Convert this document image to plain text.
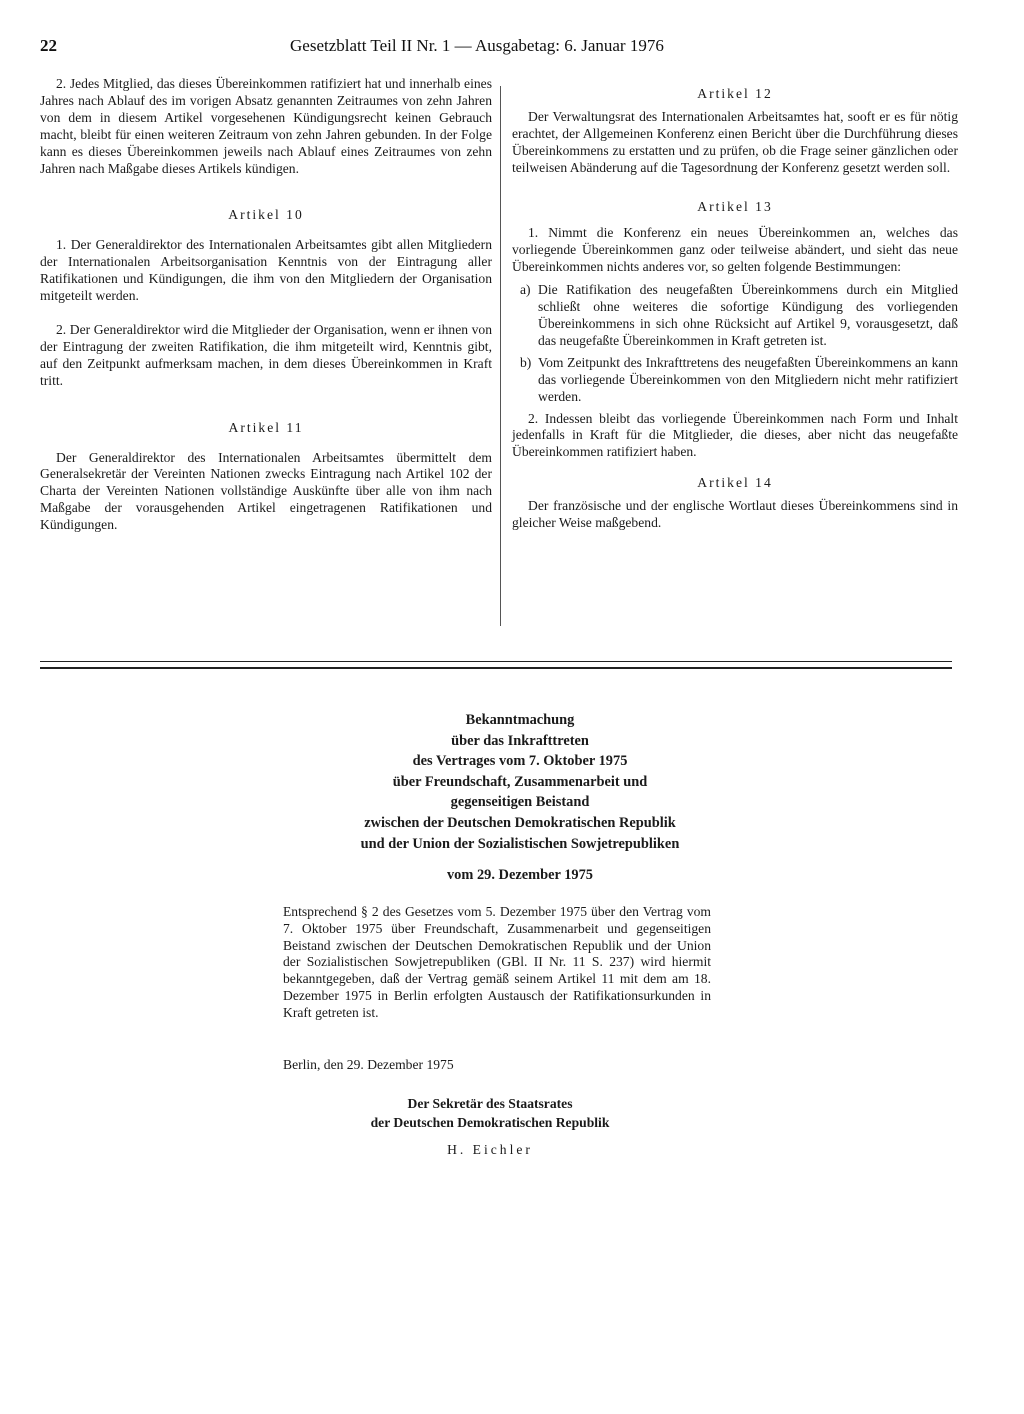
22	Gesetzblatt Teil II Nr. 1 — Ausgabetag: 6. Januar 1976

2. Jedes Mitglied, das dieses Übereinkommen ratifiziert hat und innerhalb eines Jahres nach Ablauf des im vorigen Absatz genannten Zeitraumes von zehn Jahren von dem in diesem Artikel vorgesehenen Kündigungsrecht keinen Gebrauch macht, bleibt für einen weiteren Zeitraum von zehn Jahren gebunden. In der Folge kann es dieses Übereinkommen jeweils nach Ablauf eines Zeitraumes von zehn Jahren nach Maßgabe dieses Artikels kündigen.

Artikel 10

1. Der Generaldirektor des Internationalen Arbeitsamtes gibt allen Mitgliedern der Internationalen Arbeitsorganisation Kenntnis von der Eintragung aller Ratifikationen und Kündigungen, die ihm von den Mitgliedern der Organisation mitgeteilt werden.

2. Der Generaldirektor wird die Mitglieder der Organisation, wenn er ihnen von der Eintragung der zweiten Ratifikation, die ihm mitgeteilt wird, Kenntnis gibt, auf den Zeitpunkt aufmerksam machen, in dem dieses Übereinkommen in Kraft tritt.

Artikel 11

Der Generaldirektor des Internationalen Arbeitsamtes übermittelt dem Generalsekretär der Vereinten Nationen zwecks Eintragung nach Artikel 102 der Charta der Vereinten Nationen vollständige Auskünfte über alle von ihm nach Maßgabe der vorausgehenden Artikel eingetragenen Ratifikationen und Kündigungen.

Artikel 12

Der Verwaltungsrat des Internationalen Arbeitsamtes hat, sooft er es für nötig erachtet, der Allgemeinen Konferenz einen Bericht über die Durchführung dieses Übereinkommens zu erstatten und zu prüfen, ob die Frage seiner gänzlichen oder teilweisen Abänderung auf die Tagesordnung der Konferenz gesetzt werden soll.

Artikel 13

1. Nimmt die Konferenz ein neues Übereinkommen an, welches das vorliegende Übereinkommen ganz oder teilweise abändert, und sieht das neue Übereinkommen nichts anderes vor, so gelten folgende Bestimmungen:

a) Die Ratifikation des neugefaßten Übereinkommens durch ein Mitglied schließt ohne weiteres die sofortige Kündigung des vorliegenden Übereinkommens in sich ohne Rücksicht auf Artikel 9, vorausgesetzt, daß das neugefaßte Übereinkommen in Kraft getreten ist.
b) Vom Zeitpunkt des Inkrafttretens des neugefaßten Übereinkommens an kann das vorliegende Übereinkommen von den Mitgliedern nicht mehr ratifiziert werden.

2. Indessen bleibt das vorliegende Übereinkommen nach Form und Inhalt jedenfalls in Kraft für die Mitglieder, die dieses, aber nicht das neugefaßte Übereinkommen ratifiziert haben.

Artikel 14

Der französische und der englische Wortlaut dieses Übereinkommens sind in gleicher Weise maßgebend.

Bekanntmachung
über das Inkrafttreten
des Vertrages vom 7. Oktober 1975
über Freundschaft, Zusammenarbeit und
gegenseitigen Beistand
zwischen der Deutschen Demokratischen Republik
und der Union der Sozialistischen Sowjetrepubliken
vom 29. Dezember 1975

Entsprechend § 2 des Gesetzes vom 5. Dezember 1975 über den Vertrag vom 7. Oktober 1975 über Freundschaft, Zusammenarbeit und gegenseitigen Beistand zwischen der Deutschen Demokratischen Republik und der Union der Sozialistischen Sowjetrepubliken (GBl. II Nr. 11 S. 237) wird hiermit bekanntgegeben, daß der Vertrag gemäß seinem Artikel 11 mit dem am 18. Dezember 1975 in Berlin erfolgten Austausch der Ratifikationsurkunden in Kraft getreten ist.

Berlin, den 29. Dezember 1975
Der Sekretär des Staatsrates
der Deutschen Demokratischen Republik
H. Eichler
